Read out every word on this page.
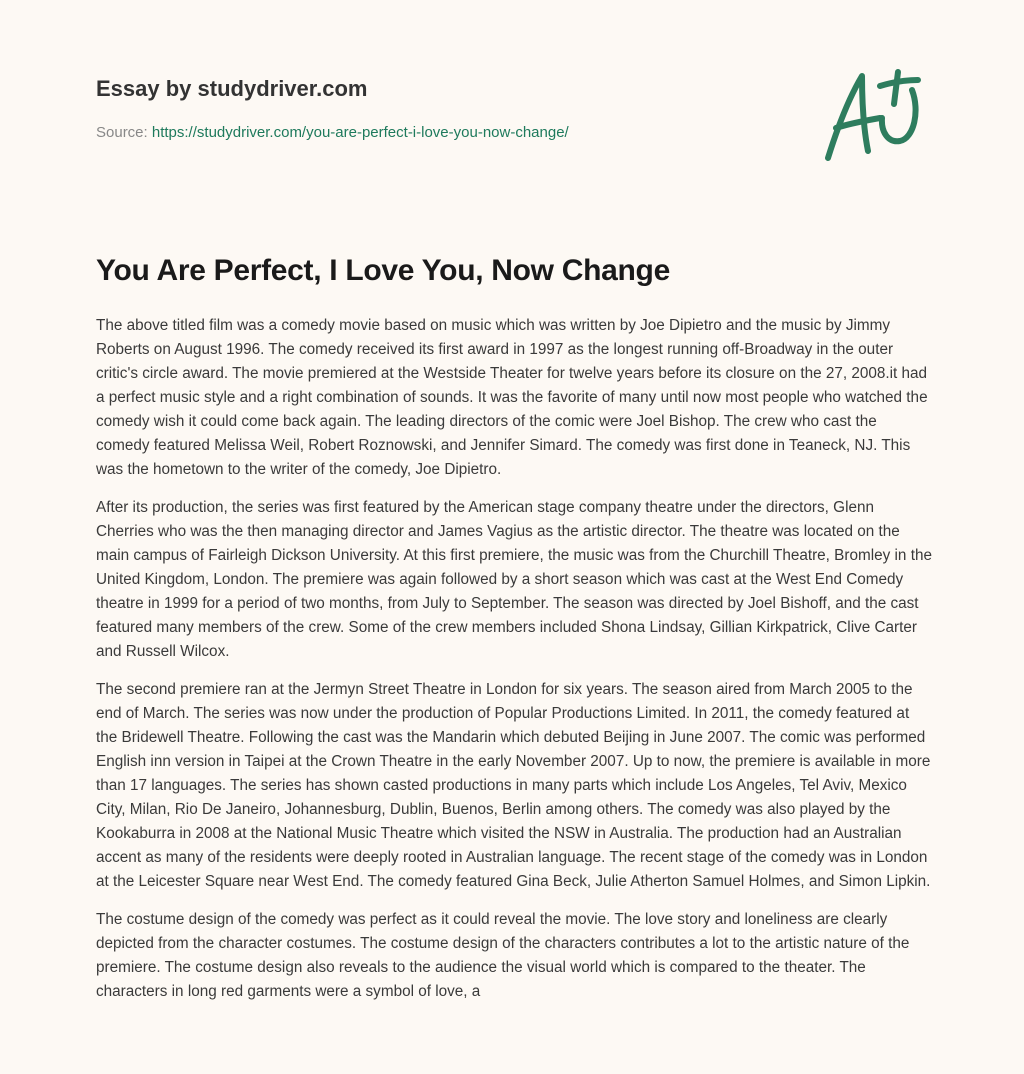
Essay by studydriver.com
Source: https://studydriver.com/you-are-perfect-i-love-you-now-change/
You Are Perfect, I Love You, Now Change

The above titled film was a comedy movie based on music which was written by Joe Dipietro and the music by Jimmy Roberts on August 1996. The comedy received its first award in 1997 as the longest running off-Broadway in the outer critic's circle award. The movie premiered at the Westside Theater for twelve years before its closure on the 27, 2008.it had a perfect music style and a right combination of sounds. It was the favorite of many until now most people who watched the comedy wish it could come back again. The leading directors of the comic were Joel Bishop. The crew who cast the comedy featured Melissa Weil, Robert Roznowski, and Jennifer Simard. The comedy was first done in Teaneck, NJ. This was the hometown to the writer of the comedy, Joe Dipietro.

After its production, the series was first featured by the American stage company theatre under the directors, Glenn Cherries who was the then managing director and James Vagius as the artistic director. The theatre was located on the main campus of Fairleigh Dickson University. At this first premiere, the music was from the Churchill Theatre, Bromley in the United Kingdom, London. The premiere was again followed by a short season which was cast at the West End Comedy theatre in 1999 for a period of two months, from July to September. The season was directed by Joel Bishoff, and the cast featured many members of the crew. Some of the crew members included Shona Lindsay, Gillian Kirkpatrick, Clive Carter and Russell Wilcox.

The second premiere ran at the Jermyn Street Theatre in London for six years. The season aired from March 2005 to the end of March. The series was now under the production of Popular Productions Limited. In 2011, the comedy featured at the Bridewell Theatre. Following the cast was the Mandarin which debuted Beijing in June 2007. The comic was performed English inn version in Taipei at the Crown Theatre in the early November 2007. Up to now, the premiere is available in more than 17 languages. The series has shown casted productions in many parts which include Los Angeles, Tel Aviv, Mexico City, Milan, Rio De Janeiro, Johannesburg, Dublin, Buenos, Berlin among others. The comedy was also played by the Kookaburra in 2008 at the National Music Theatre which visited the NSW in Australia. The production had an Australian accent as many of the residents were deeply rooted in Australian language. The recent stage of the comedy was in London at the Leicester Square near West End. The comedy featured Gina Beck, Julie Atherton Samuel Holmes, and Simon Lipkin.

The costume design of the comedy was perfect as it could reveal the movie. The love story and loneliness are clearly depicted from the character costumes. The costume design of the characters contributes a lot to the artistic nature of the premiere. The costume design also reveals to the audience the visual world which is compared to the theater. The characters in long red garments were a symbol of love, a
